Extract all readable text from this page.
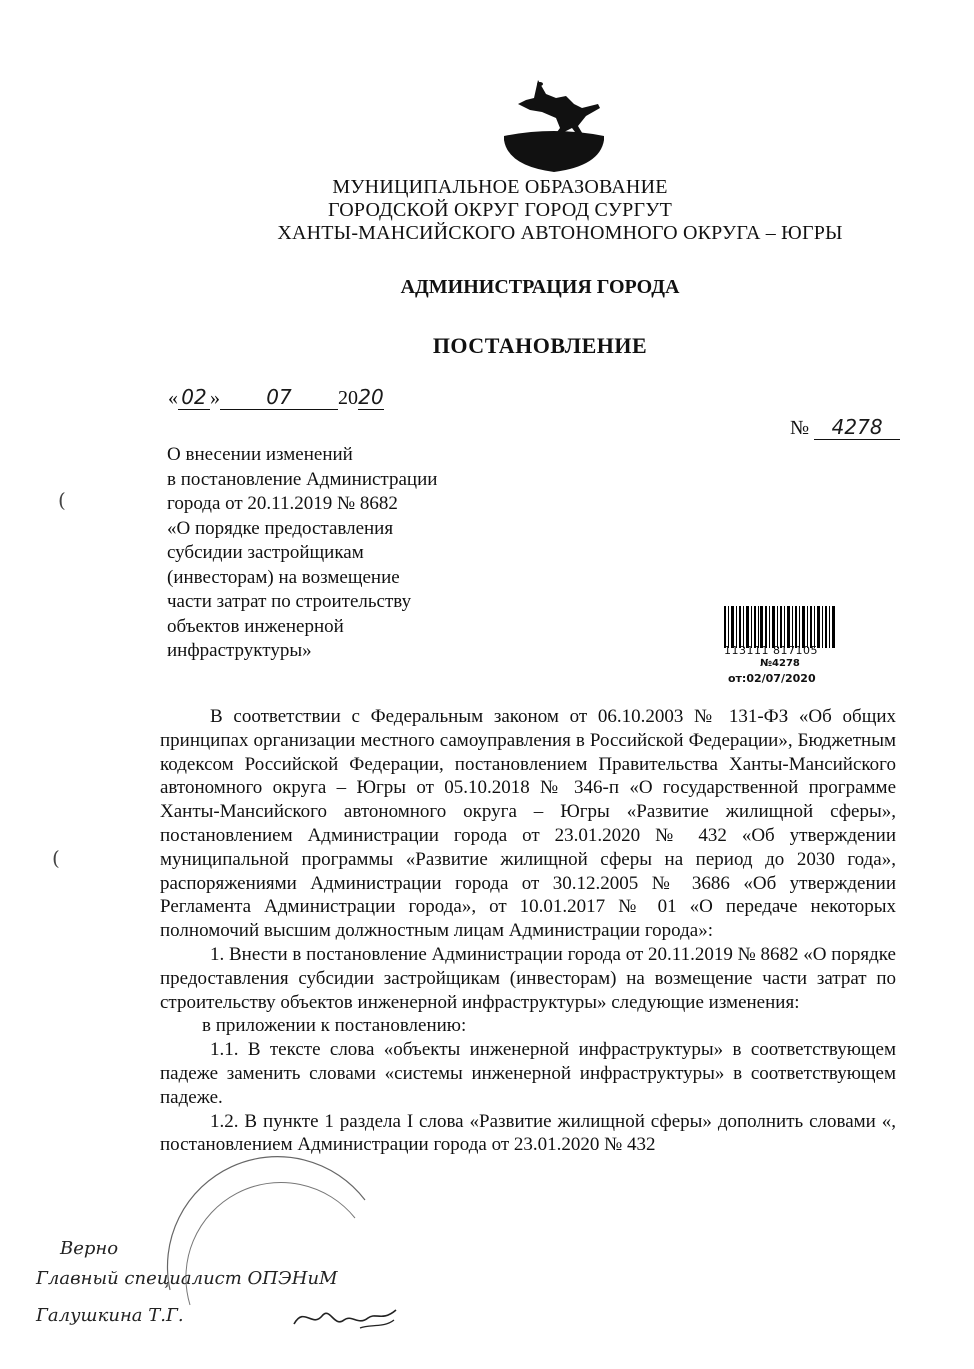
МУНИЦИПАЛЬНОЕ ОБРАЗОВАНИЕ
ГОРОДСКОЙ ОКРУГ ГОРОД СУРГУТ
ХАНТЫ-МАНСИЙСКОГО АВТОНОМНОГО ОКРУГА – ЮГРЫ
АДМИНИСТРАЦИЯ ГОРОДА
ПОСТАНОВЛЕНИЕ
« 02 » 07 2020
№ 4278
О внесении изменений
в постановление Администрации
города от 20.11.2019 № 8682
«О порядке предоставления
субсидии застройщикам
(инвесторам) на возмещение
части затрат по строительству
объектов инженерной
инфраструктуры»	113111 817105
№4278
от:02/07/2020
(
(
В соответствии с Федеральным законом от 06.10.2003 № 131-ФЗ «Об общих принципах организации местного самоуправления в Российской Федерации», Бюджетным кодексом Российской Федерации, постановлением Правительства Ханты-Мансийского автономного округа – Югры от 05.10.2018 № 346-п «О государственной программе Ханты-Мансийского автономного округа – Югры «Развитие жилищной сферы», постановлением Администрации города от 23.01.2020 № 432 «Об утверждении муниципальной программы «Развитие жилищной сферы на период до 2030 года», распоряжениями Администрации города от 30.12.2005 № 3686 «Об утверждении Регламента Администрации города», от 10.01.2017 № 01 «О передаче некоторых полномочий высшим должностным лицам Администрации города»:
1. Внести в постановление Администрации города от 20.11.2019 № 8682 «О порядке предоставления субсидии застройщикам (инвесторам) на возмещение части затрат по строительству объектов инженерной инфраструктуры» следующие изменения:
в приложении к постановлению:
1.1. В тексте слова «объекты инженерной инфраструктуры» в соответствующем падеже заменить словами «системы инженерной инфраструктуры» в соответствующем падеже.
1.2. В пункте 1 раздела I слова «Развитие жилищной сферы» дополнить словами «, постановлением Администрации города от 23.01.2020 № 432
Верно
Главный специалист ОПЭНиМ
Галушкина Т.Г.
